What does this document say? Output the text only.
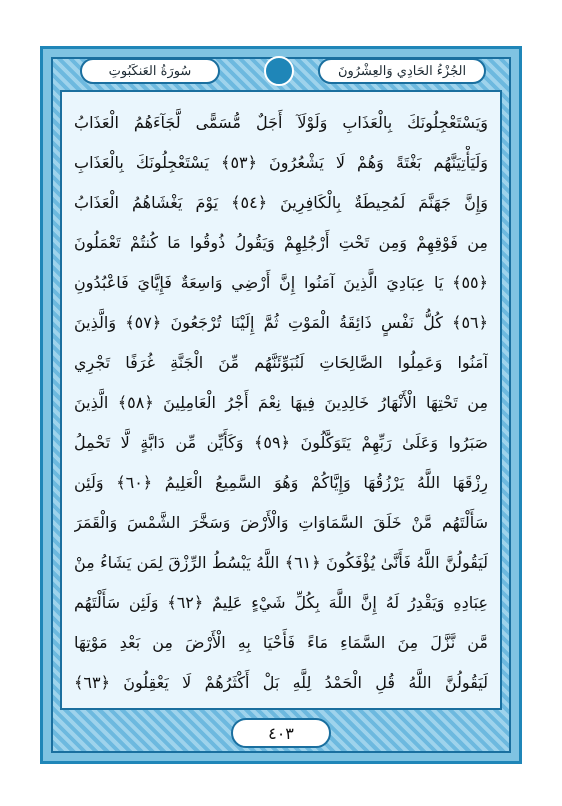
الجُزْءُ الحَادِي وَالعِشْرُونَ
سُورَةُ العَنكَبُوتِ
وَيَسْتَعْجِلُونَكَ بِالْعَذَابِ وَلَوْلَآ أَجَلٌ مُّسَمًّى لَّجَآءَهُمُ الْعَذَابُ
وَلَيَأْتِيَنَّهُم بَغْتَةً وَهُمْ لَا يَشْعُرُونَ ﴿٥٣﴾ يَسْتَعْجِلُونَكَ بِالْعَذَابِ
وَإِنَّ جَهَنَّمَ لَمُحِيطَةٌ بِالْكَافِرِينَ ﴿٥٤﴾ يَوْمَ يَغْشَاهُمُ الْعَذَابُ
مِن فَوْقِهِمْ وَمِن تَحْتِ أَرْجُلِهِمْ وَيَقُولُ ذُوقُوا مَا كُنتُمْ تَعْمَلُونَ
﴿٥٥﴾ يَا عِبَادِيَ الَّذِينَ آمَنُوا إِنَّ أَرْضِي وَاسِعَةٌ فَإِيَّايَ فَاعْبُدُونِ
﴿٥٦﴾ كُلُّ نَفْسٍ ذَائِقَةُ الْمَوْتِ ثُمَّ إِلَيْنَا تُرْجَعُونَ ﴿٥٧﴾ وَالَّذِينَ
آمَنُوا وَعَمِلُوا الصَّالِحَاتِ لَنُبَوِّئَنَّهُم مِّنَ الْجَنَّةِ غُرَفًا تَجْرِي
مِن تَحْتِهَا الْأَنْهَارُ خَالِدِينَ فِيهَا نِعْمَ أَجْرُ الْعَامِلِينَ ﴿٥٨﴾ الَّذِينَ
صَبَرُوا وَعَلَىٰ رَبِّهِمْ يَتَوَكَّلُونَ ﴿٥٩﴾ وَكَأَيِّن مِّن دَابَّةٍ لَّا تَحْمِلُ
رِزْقَهَا اللَّهُ يَرْزُقُهَا وَإِيَّاكُمْ وَهُوَ السَّمِيعُ الْعَلِيمُ ﴿٦٠﴾ وَلَئِن
سَأَلْتَهُم مَّنْ خَلَقَ السَّمَاوَاتِ وَالْأَرْضَ وَسَخَّرَ الشَّمْسَ وَالْقَمَرَ
لَيَقُولُنَّ اللَّهُ فَأَنَّىٰ يُؤْفَكُونَ ﴿٦١﴾ اللَّهُ يَبْسُطُ الرِّزْقَ لِمَن يَشَاءُ مِنْ
عِبَادِهِ وَيَقْدِرُ لَهُ إِنَّ اللَّهَ بِكُلِّ شَيْءٍ عَلِيمٌ ﴿٦٢﴾ وَلَئِن سَأَلْتَهُم
مَّن نَّزَّلَ مِنَ السَّمَاءِ مَاءً فَأَحْيَا بِهِ الْأَرْضَ مِن بَعْدِ مَوْتِهَا
لَيَقُولُنَّ اللَّهُ قُلِ الْحَمْدُ لِلَّهِ بَلْ أَكْثَرُهُمْ لَا يَعْقِلُونَ ﴿٦٣﴾
٤٠٣
